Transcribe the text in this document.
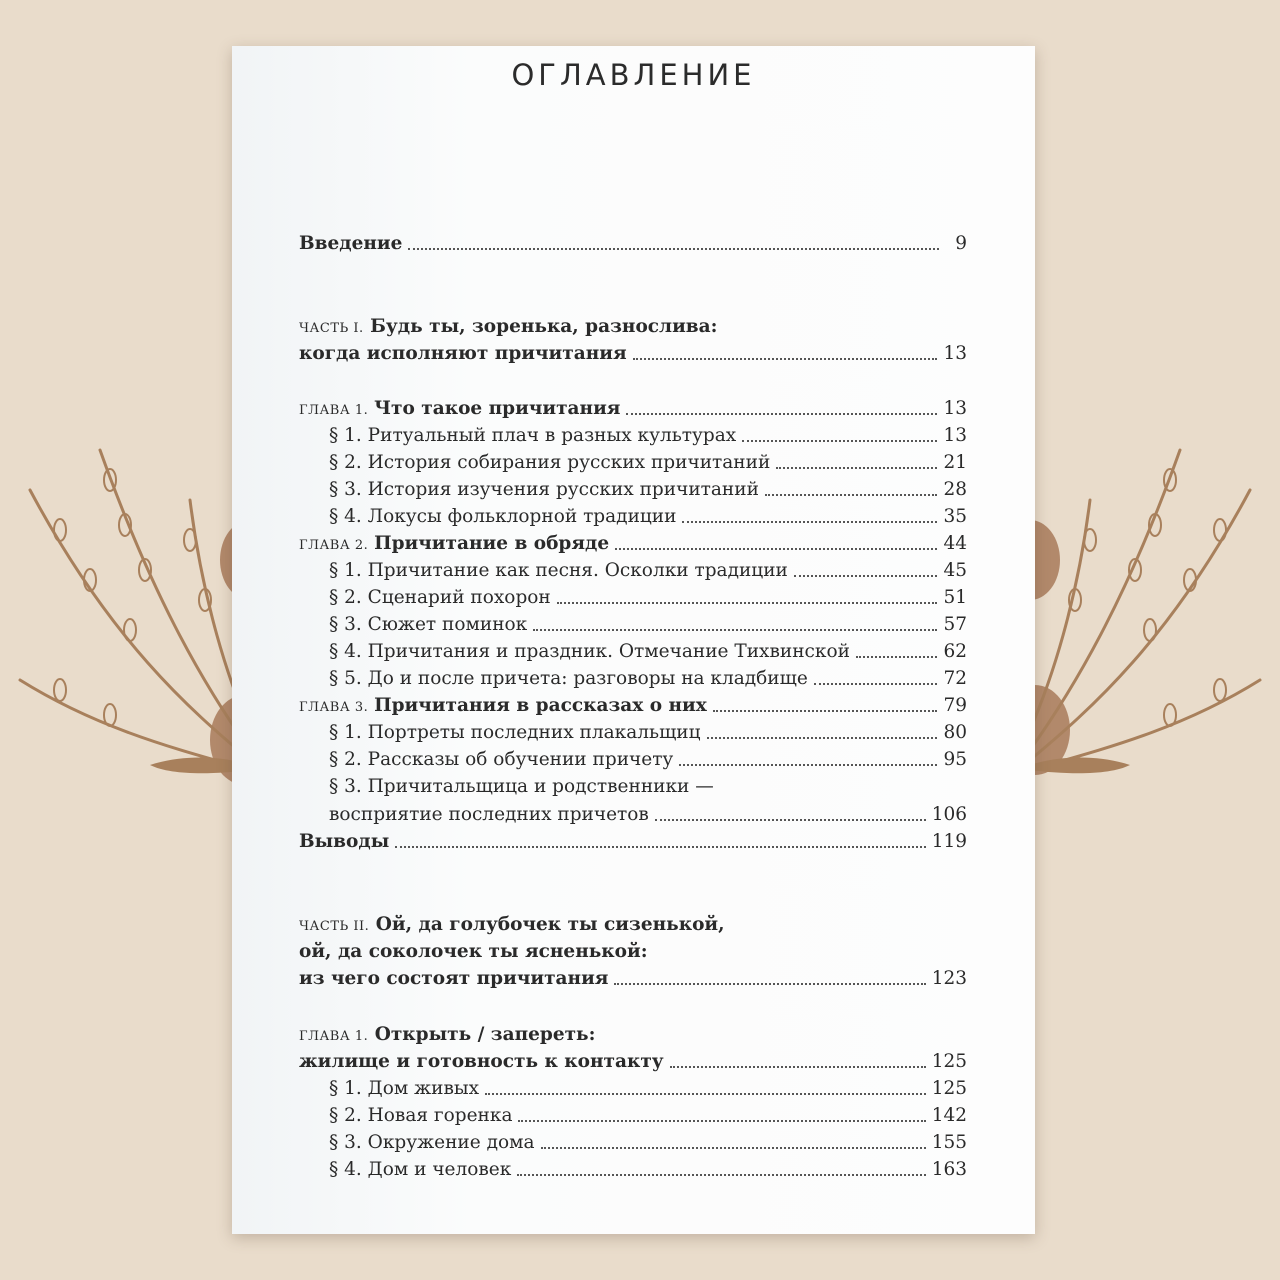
ОГЛАВЛЕНИЕ
Введение	9
ЧАСТЬ I. Будь ты, зоренька, разнослива:
когда исполняют причитания	13
ГЛАВА 1. Что такое причитания	13
§ 1. Ритуальный плач в разных культурах	13
§ 2. История собирания русских причитаний	21
§ 3. История изучения русских причитаний	28
§ 4. Локусы фольклорной традиции	35
ГЛАВА 2. Причитание в обряде	44
§ 1. Причитание как песня. Осколки традиции	45
§ 2. Сценарий похорон	51
§ 3. Сюжет поминок	57
§ 4. Причитания и праздник. Отмечание Тихвинской	62
§ 5. До и после причета: разговоры на кладбище	72
ГЛАВА 3. Причитания в рассказах о них	79
§ 1. Портреты последних плакальщиц	80
§ 2. Рассказы об обучении причету	95
§ 3. Причитальщица и родственники —
восприятие последних причетов	106
Выводы	119
ЧАСТЬ II. Ой, да голубочек ты сизенькой,
ой, да соколочек ты ясненькой:
из чего состоят причитания	123
ГЛАВА 1. Открыть / запереть:
жилище и готовность к контакту	125
§ 1. Дом живых	125
§ 2. Новая горенка	142
§ 3. Окружение дома	155
§ 4. Дом и человек	163
